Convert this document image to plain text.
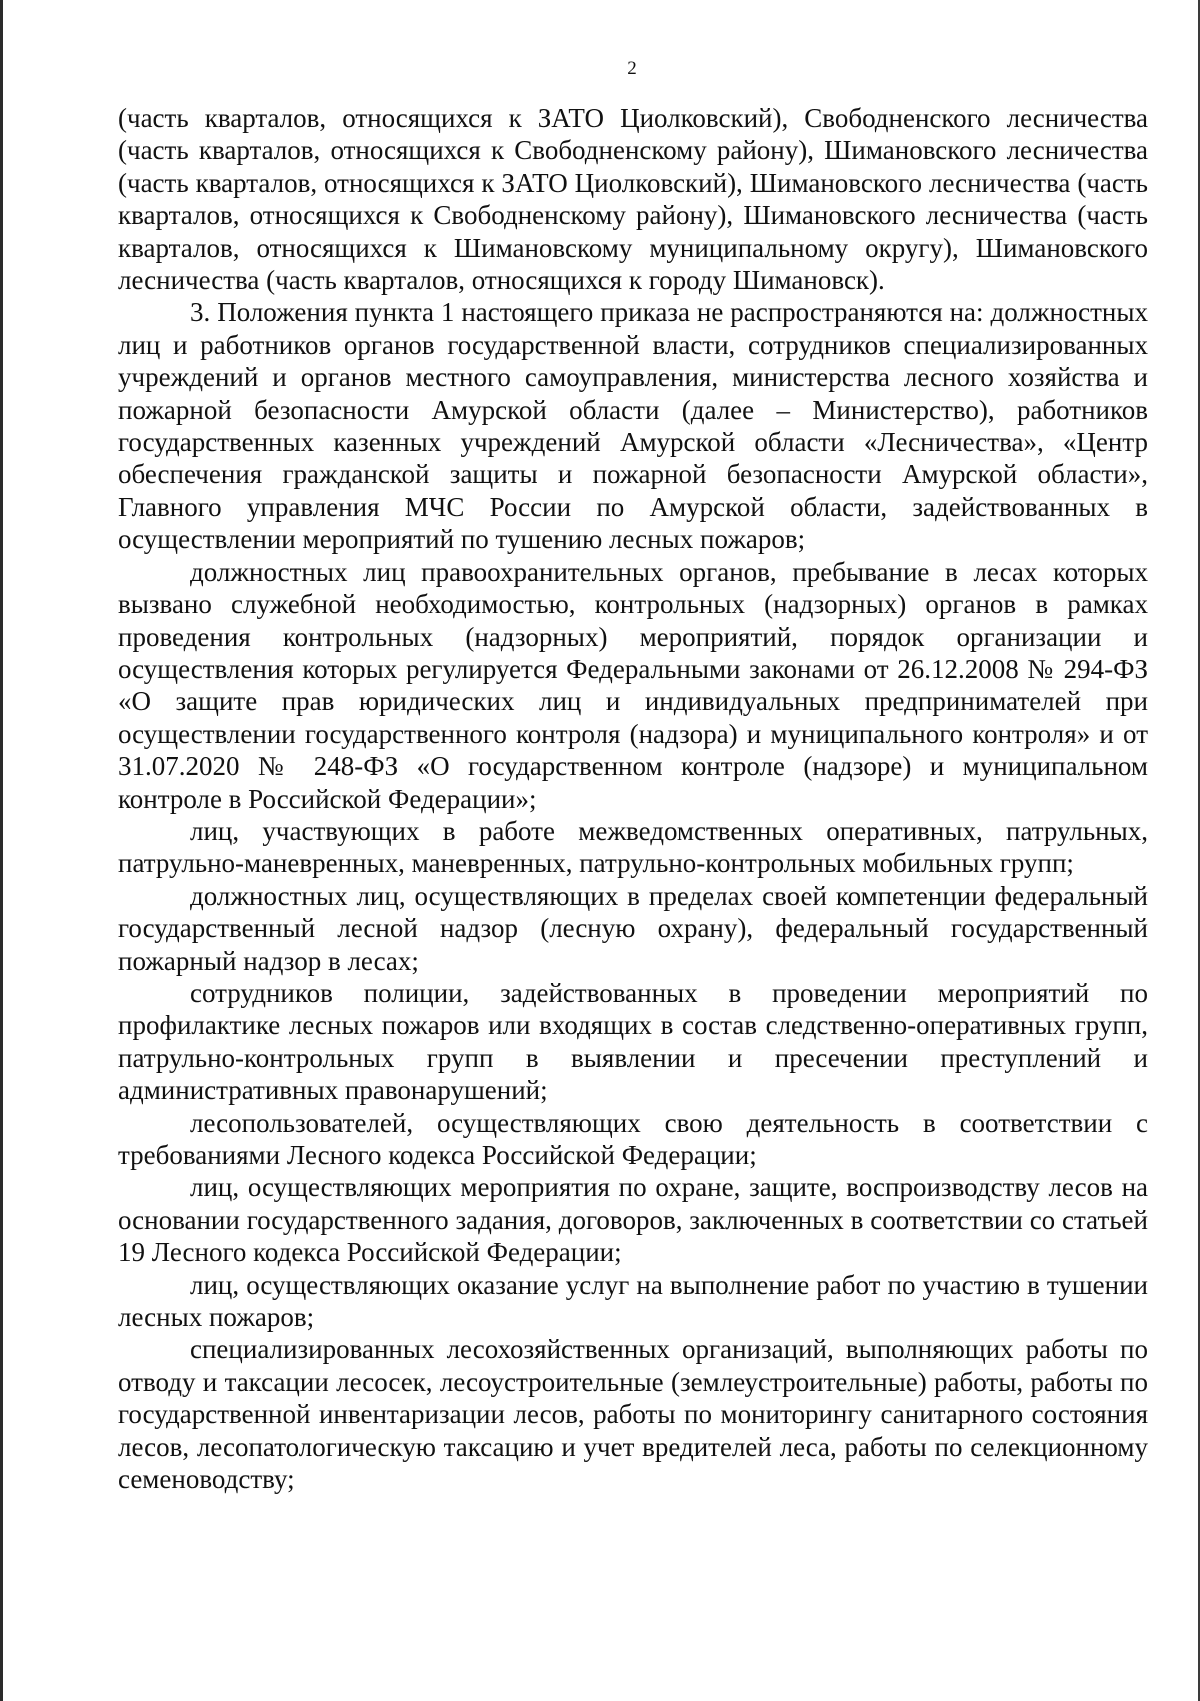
2

(часть кварталов, относящихся к ЗАТО Циолковский), Свободненского лесничества (часть кварталов, относящихся к Свободненскому району), Шимановского лесничества (часть кварталов, относящихся к ЗАТО Циолковский), Шимановского лесничества (часть кварталов, относящихся к Свободненскому району), Шимановского лесничества (часть кварталов, относящихся к Шимановскому муниципальному округу), Шимановского лесничества (часть кварталов, относящихся к городу Шимановск).

3. Положения пункта 1 настоящего приказа не распространяются на: должностных лиц и работников органов государственной власти, сотрудников специализированных учреждений и органов местного самоуправления, министерства лесного хозяйства и пожарной безопасности Амурской области (далее – Министерство), работников государственных казенных учреждений Амурской области «Лесничества», «Центр обеспечения гражданской защиты и пожарной безопасности Амурской области», Главного управления МЧС России по Амурской области, задействованных в осуществлении мероприятий по тушению лесных пожаров;

должностных лиц правоохранительных органов, пребывание в лесах которых вызвано служебной необходимостью, контрольных (надзорных) органов в рамках проведения контрольных (надзорных) мероприятий, порядок организации и осуществления которых регулируется Федеральными законами от 26.12.2008 № 294-ФЗ «О защите прав юридических лиц и индивидуальных предпринимателей при осуществлении государственного контроля (надзора) и муниципального контроля» и от 31.07.2020 № 248-ФЗ «О государственном контроле (надзоре) и муниципальном контроле в Российской Федерации»;

лиц, участвующих в работе межведомственных оперативных, патрульных, патрульно-маневренных, маневренных, патрульно-контрольных мобильных групп;

должностных лиц, осуществляющих в пределах своей компетенции федеральный государственный лесной надзор (лесную охрану), федеральный государственный пожарный надзор в лесах;

сотрудников полиции, задействованных в проведении мероприятий по профилактике лесных пожаров или входящих в состав следственно-оперативных групп, патрульно-контрольных групп в выявлении и пресечении преступлений и административных правонарушений;

лесопользователей, осуществляющих свою деятельность в соответствии с требованиями Лесного кодекса Российской Федерации;

лиц, осуществляющих мероприятия по охране, защите, воспроизводству лесов на основании государственного задания, договоров, заключенных в соответствии со статьей 19 Лесного кодекса Российской Федерации;

лиц, осуществляющих оказание услуг на выполнение работ по участию в тушении лесных пожаров;

специализированных лесохозяйственных организаций, выполняющих работы по отводу и таксации лесосек, лесоустроительные (землеустроительные) работы, работы по государственной инвентаризации лесов, работы по мониторингу санитарного состояния лесов, лесопатологическую таксацию и учет вредителей леса, работы по селекционному семеноводству;
